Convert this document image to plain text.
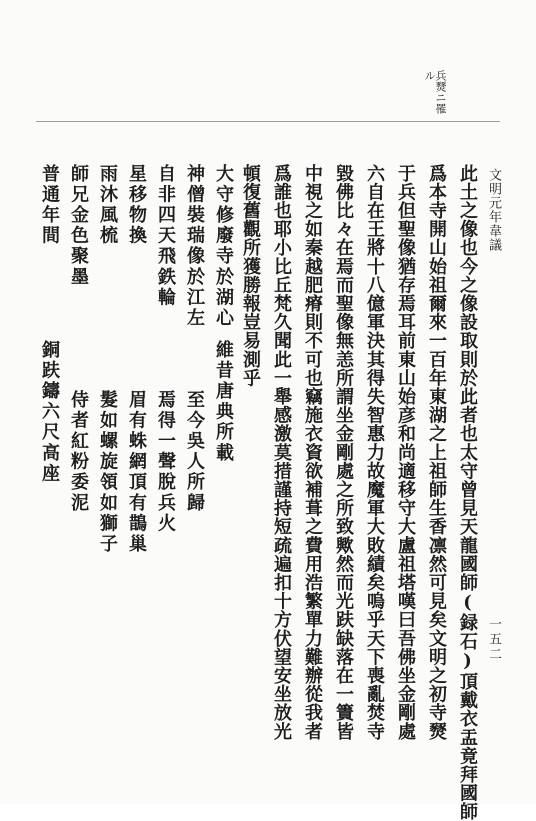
文明元年韋議
一五二
兵燹ニ罹
ル
此土之像也今之像設取則於此者也太守曾見天龍國師(録石)頂戴衣盂竟拜國師
爲本寺開山始祖爾來一百年東湖之上祖師生香凛然可見矣文明之初寺燹
于兵但聖像猶存焉耳前東山始彦和尚適移守大盧祖塔嘆曰吾佛坐金剛處
六自在王將十八億軍決其得失智惠力故魔軍大敗績矣嗚乎天下喪亂焚寺
毀佛比々在焉而聖像無恙所謂坐金剛處之所致歟然而光趺缺落在一簀皆
中視之如秦越肥瘠則不可也竊施衣資欲補葺之費用浩繁單力難辦從我者
爲誰也耶小比丘梵久聞此一舉感激莫措謹持短疏遍扣十方伏望安坐放光
頓復舊觀所獲勝報豈易測乎
大守修廢寺於湖心
神僧裝瑞像於江左
自非四天飛鉄輪
星移物換
雨沐風梳
師兄金色聚墨
普通年間
維昔唐典所載
至今吳人所歸
焉得一聲脫兵火
眉有蛛網頂有鵲巢
髮如螺旋領如獅子
侍者紅粉委泥
銅趺鑄六尺高座
